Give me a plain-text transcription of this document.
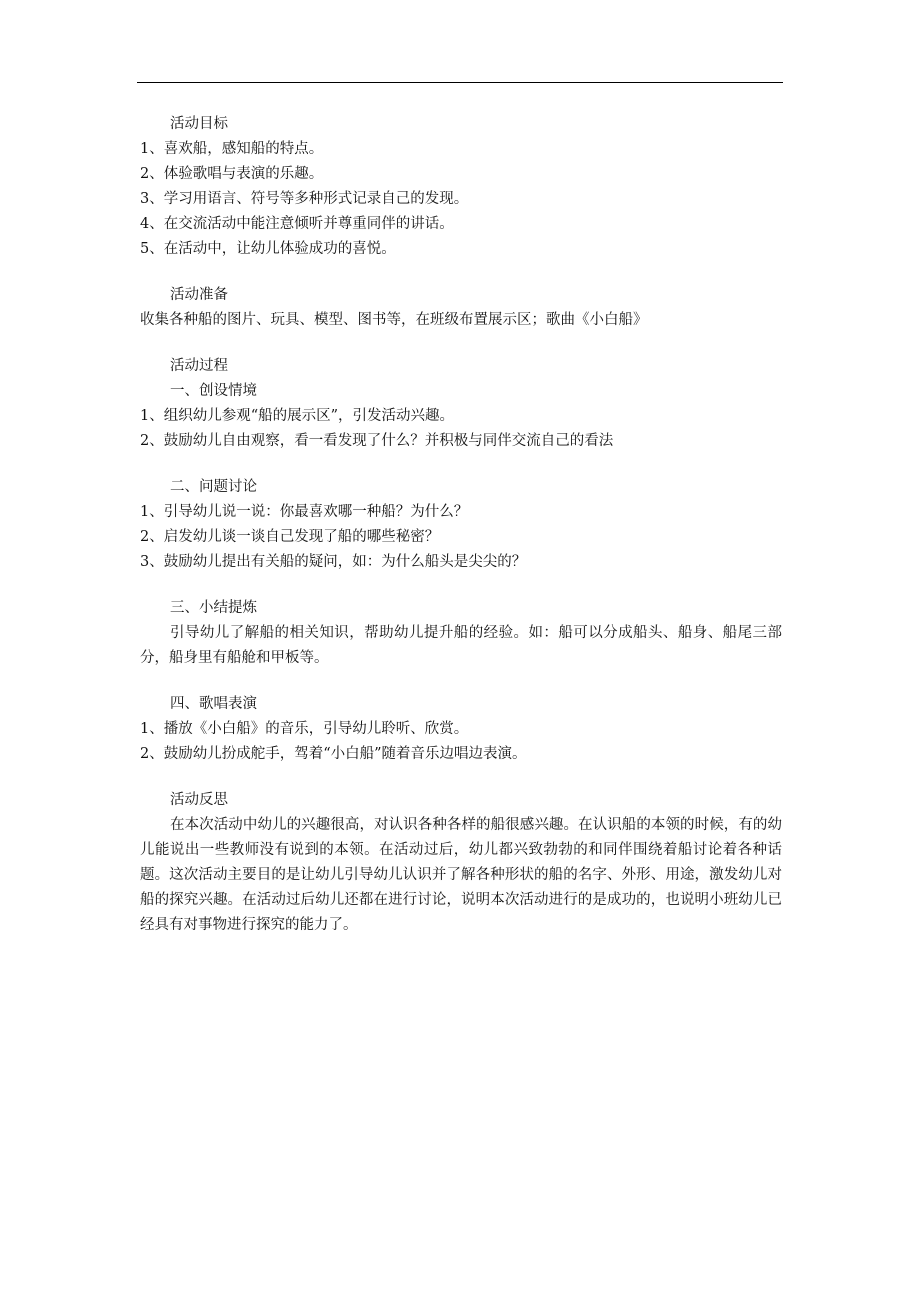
活动目标

1、喜欢船，感知船的特点。

2、体验歌唱与表演的乐趣。

3、学习用语言、符号等多种形式记录自己的发现。

4、在交流活动中能注意倾听并尊重同伴的讲话。

5、在活动中，让幼儿体验成功的喜悦。

活动准备

收集各种船的图片、玩具、模型、图书等，在班级布置展示区；歌曲《小白船》

活动过程

一、创设情境

1、组织幼儿参观“船的展示区”，引发活动兴趣。

2、鼓励幼儿自由观察，看一看发现了什么？并积极与同伴交流自己的看法

二、问题讨论

1、引导幼儿说一说：你最喜欢哪一种船？为什么？

2、启发幼儿谈一谈自己发现了船的哪些秘密？

3、鼓励幼儿提出有关船的疑问，如：为什么船头是尖尖的？

三、小结提炼

引导幼儿了解船的相关知识，帮助幼儿提升船的经验。如：船可以分成船头、船身、船尾三部分，船身里有船舱和甲板等。

四、歌唱表演

1、播放《小白船》的音乐，引导幼儿聆听、欣赏。

2、鼓励幼儿扮成舵手，驾着“小白船”随着音乐边唱边表演。

活动反思

在本次活动中幼儿的兴趣很高，对认识各种各样的船很感兴趣。在认识船的本领的时候，有的幼儿能说出一些教师没有说到的本领。在活动过后，幼儿都兴致勃勃的和同伴围绕着船讨论着各种话题。这次活动主要目的是让幼儿引导幼儿认识并了解各种形状的船的名字、外形、用途，激发幼儿对船的探究兴趣。在活动过后幼儿还都在进行讨论，说明本次活动进行的是成功的，也说明小班幼儿已经具有对事物进行探究的能力了。
